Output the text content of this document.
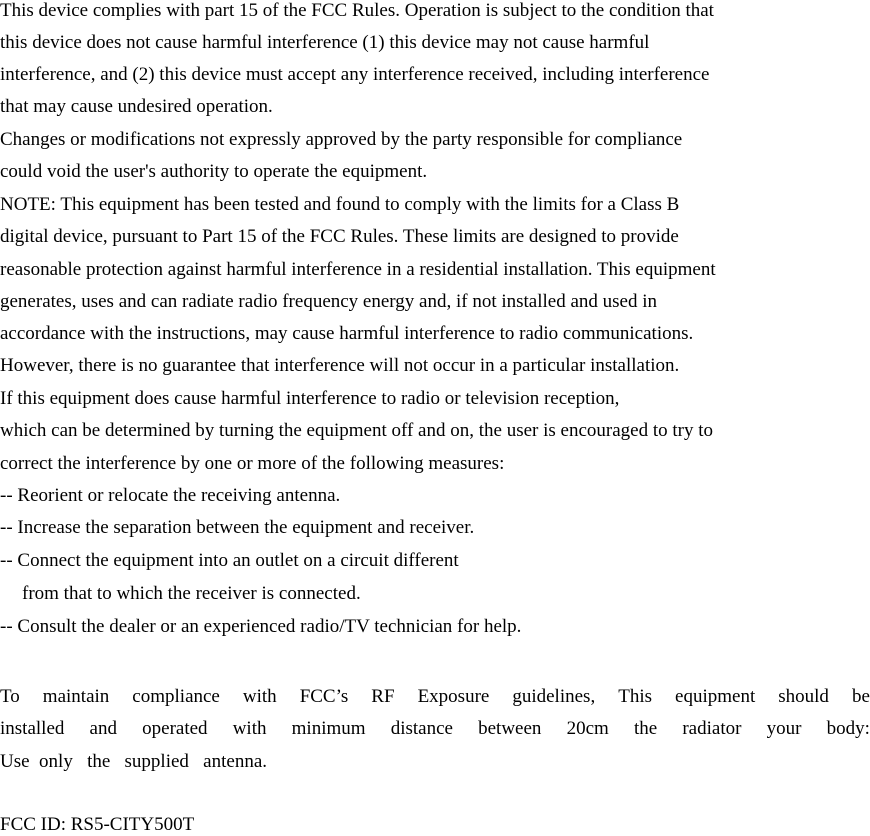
This device complies with part 15 of the FCC Rules. Operation is subject to the condition that
this device does not cause harmful interference (1) this device may not cause harmful
interference, and (2) this device must accept any interference received, including interference
that may cause undesired operation.
Changes or modifications not expressly approved by the party responsible for compliance
could void the user's authority to operate the equipment.
NOTE: This equipment has been tested and found to comply with the limits for a Class B
digital device, pursuant to Part 15 of the FCC Rules. These limits are designed to provide
reasonable protection against harmful interference in a residential installation. This equipment
generates, uses and can radiate radio frequency energy and, if not installed and used in
accordance with the instructions, may cause harmful interference to radio communications.
However, there is no guarantee that interference will not occur in a particular installation.
If this equipment does cause harmful interference to radio or television reception,
which can be determined by turning the equipment off and on, the user is encouraged to try to
correct the interference by one or more of the following measures:
-- Reorient or relocate the receiving antenna.
-- Increase the separation between the equipment and receiver.
-- Connect the equipment into an outlet on a circuit different
from that to which the receiver is connected.
-- Consult the dealer or an experienced radio/TV technician for help.
To maintain compliance with FCC’s RF Exposure guidelines, This equipment should be
installed and operated with minimum distance between 20cm the radiator your body:
Use  only   the   supplied   antenna.
FCC ID: RS5-CITY500T
